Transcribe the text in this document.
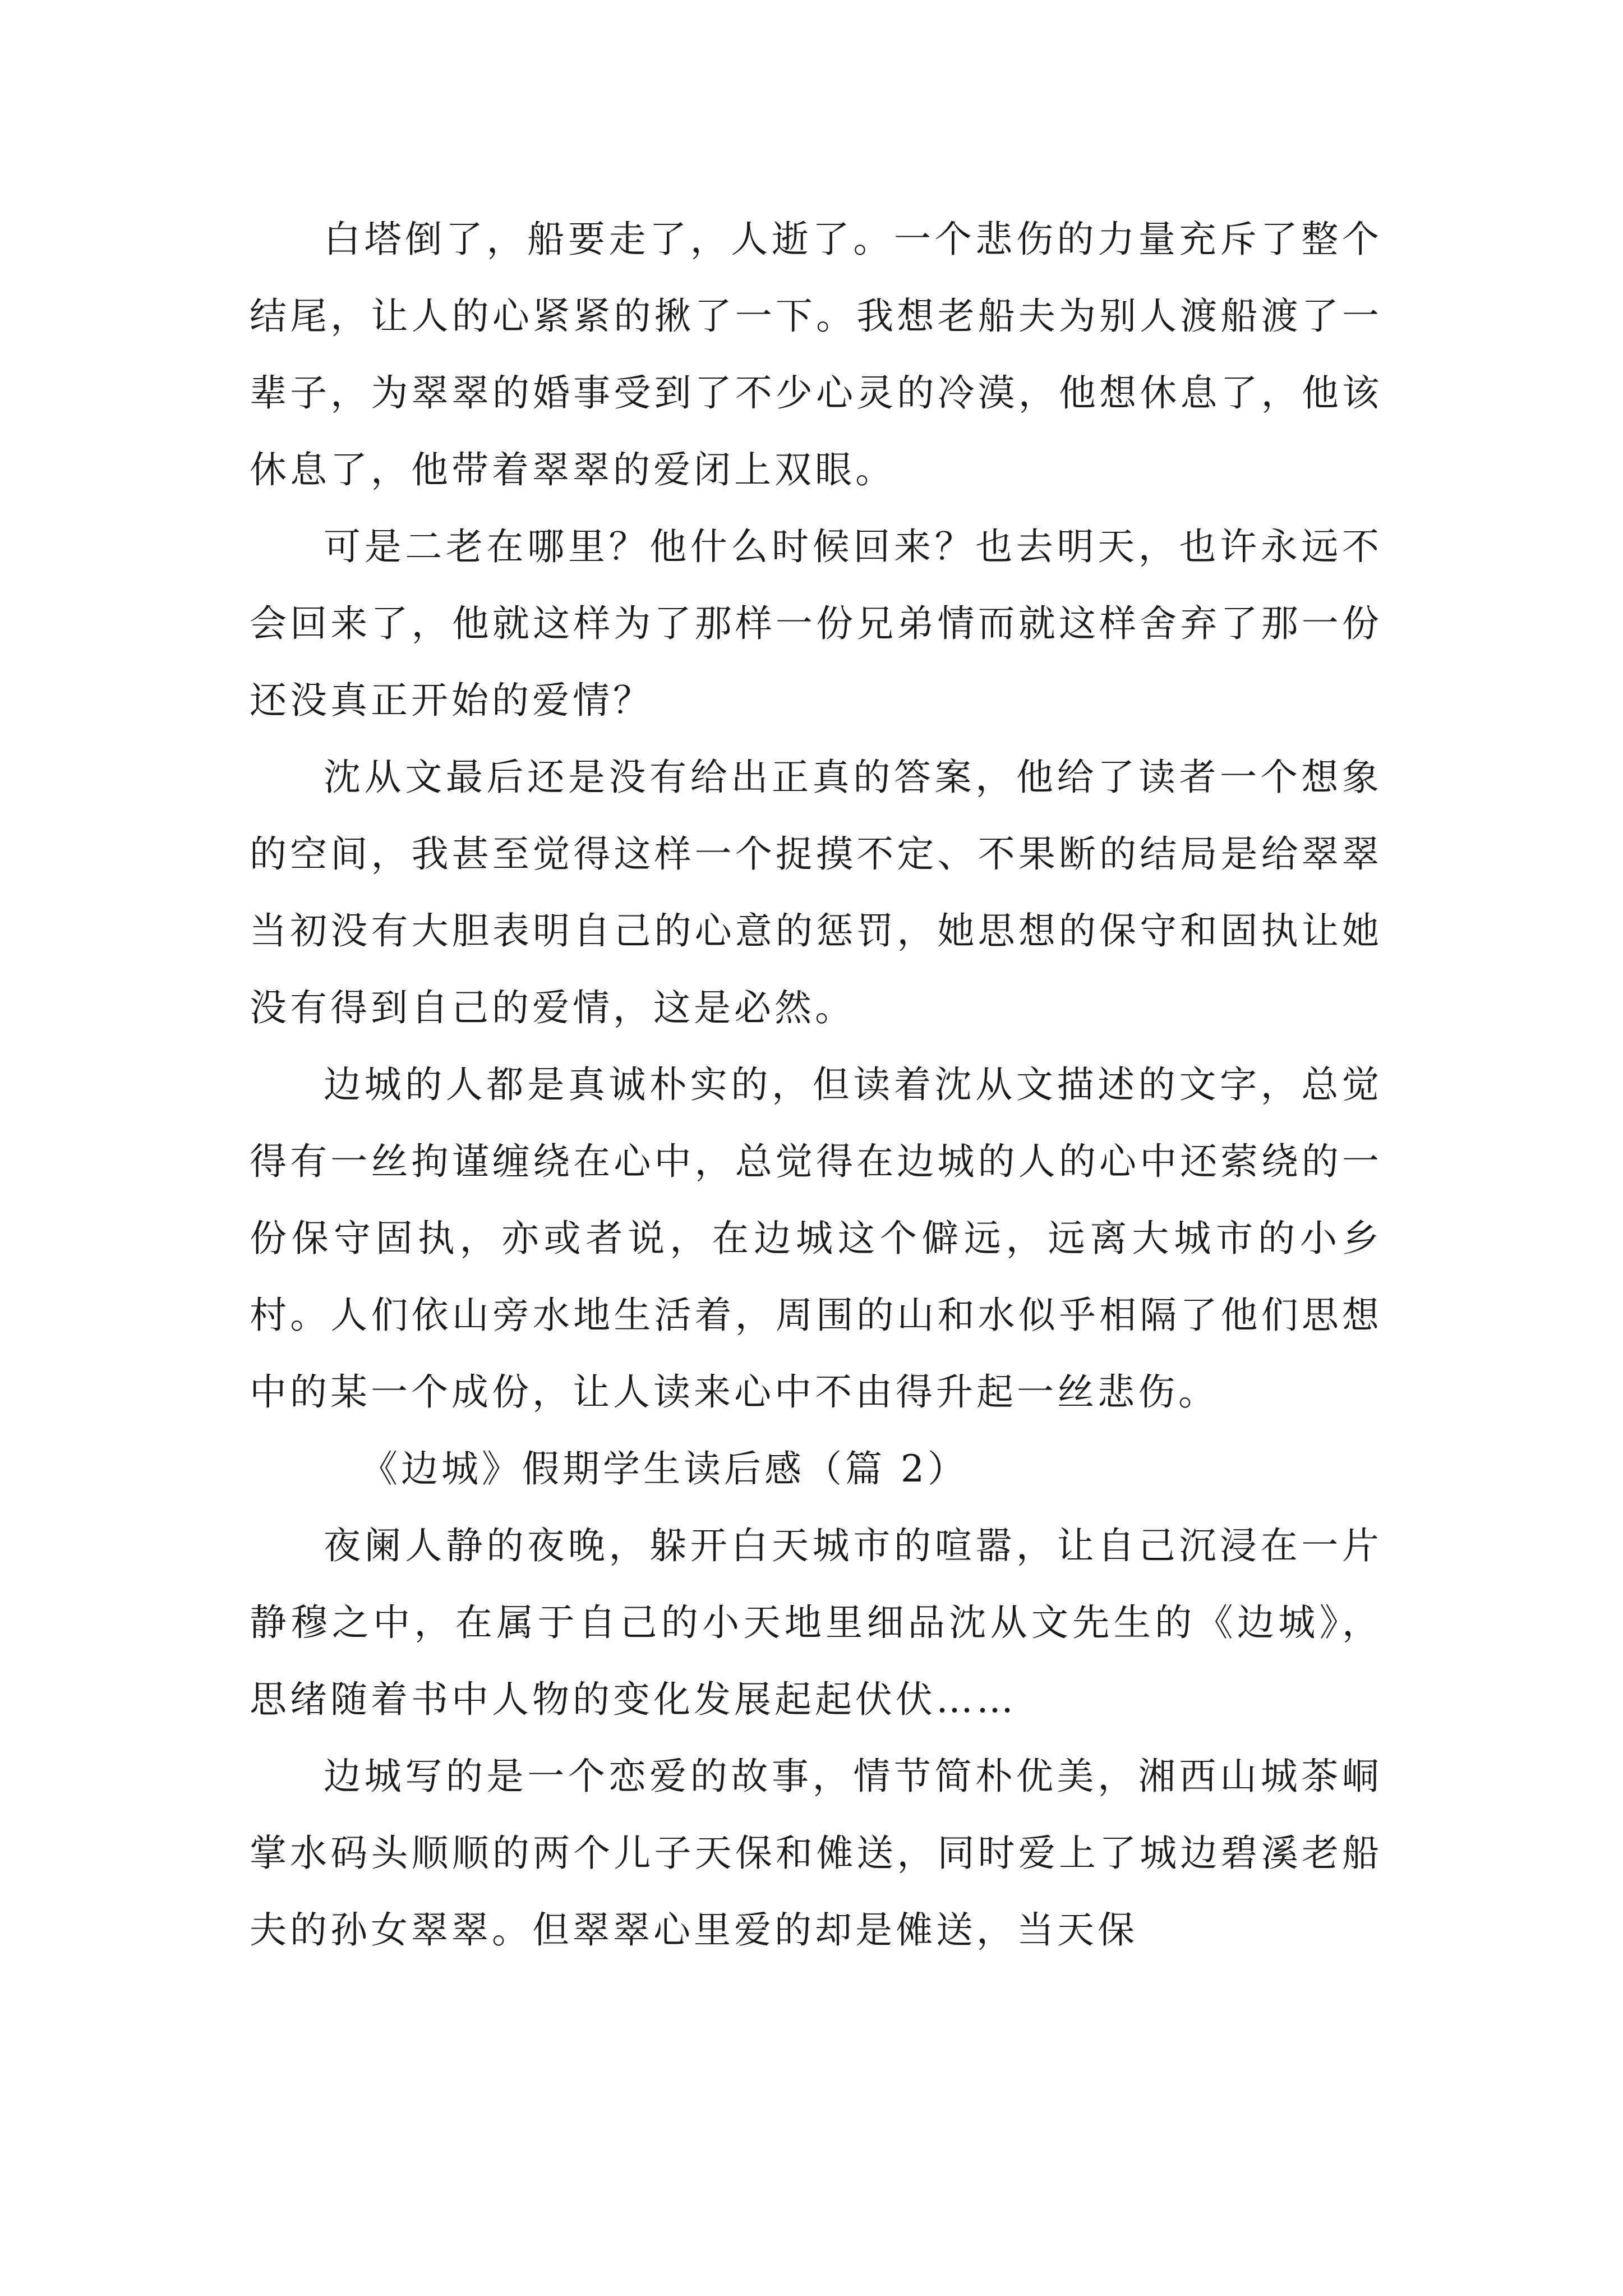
白塔倒了，船要走了，人逝了。一个悲伤的力量充斥了整个结尾，让人的心紧紧的揪了一下。我想老船夫为别人渡船渡了一辈子，为翠翠的婚事受到了不少心灵的冷漠，他想休息了，他该休息了，他带着翠翠的爱闭上双眼。

可是二老在哪里？他什么时候回来？也去明天，也许永远不会回来了，他就这样为了那样一份兄弟情而就这样舍弃了那一份还没真正开始的爱情？

沈从文最后还是没有给出正真的答案，他给了读者一个想象的空间，我甚至觉得这样一个捉摸不定、不果断的结局是给翠翠当初没有大胆表明自己的心意的惩罚，她思想的保守和固执让她没有得到自己的爱情，这是必然。

边城的人都是真诚朴实的，但读着沈从文描述的文字，总觉得有一丝拘谨缠绕在心中，总觉得在边城的人的心中还萦绕的一份保守固执，亦或者说，在边城这个僻远，远离大城市的小乡村。人们依山旁水地生活着，周围的山和水似乎相隔了他们思想中的某一个成份，让人读来心中不由得升起一丝悲伤。

《边城》假期学生读后感（篇 2）

夜阑人静的夜晚，躲开白天城市的喧嚣，让自己沉浸在一片静穆之中，在属于自己的小天地里细品沈从文先生的《边城》，思绪随着书中人物的变化发展起起伏伏……

边城写的是一个恋爱的故事，情节简朴优美，湘西山城茶峒掌水码头顺顺的两个儿子天保和傩送，同时爱上了城边碧溪老船夫的孙女翠翠。但翠翠心里爱的却是傩送，当天保
